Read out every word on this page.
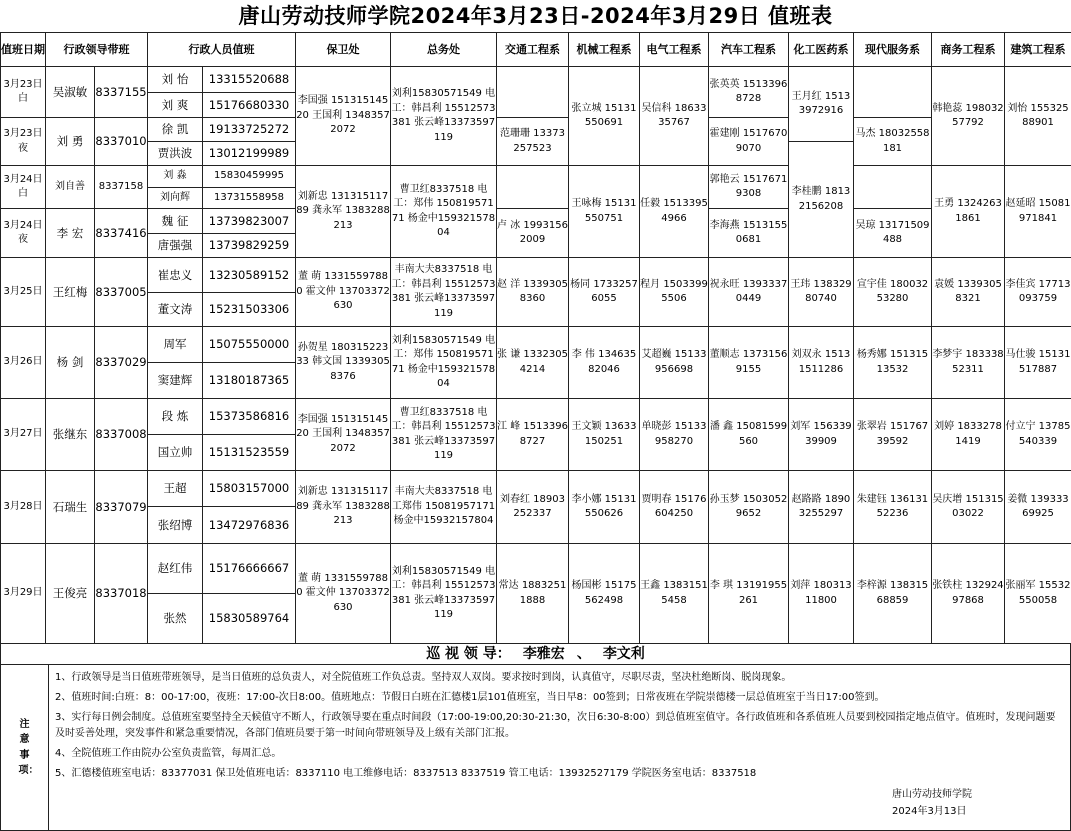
唐山劳动技师学院2024年3月23日-2024年3月29日 值班表
值班日期	行政领导带班		行政人员值班		保卫处	总务处	交通工程系	机械工程系	电气工程系	汽车工程系	化工医药系	现代服务系	商务工程系	建筑工程系
3月23日白	吴淑敏	8337155	刘 怡	13315520688	李国强 15131514520 王国利 13483572072	刘利15830571549 电工：韩昌利 15512573381 张云峰13373597119		张立城 15131550691	吴信科 1863335767	张英英 15133968728	王月红 15133972916		韩艳蕊 19803257792	刘怡 15532588901
			刘 爽	15176680330										
3月23日夜	刘 勇	8337010	徐 凯	19133725272			范珊珊 13373257523			霍建刚 15176709070		马杰 18032558181		
			贾洪波	13012199989							李桂鹏 18132156208			
3月24日白	刘自善	8337158	刘 淼	15830459995	刘新忠 13131511789 龚永军 1383288213	曹卫红8337518 电工：郑伟 15081957171 杨金中15932157804		王咏梅 15131550751	任毅 15133954966	郭艳云 15176719308			王勇 13242631861	赵延昭 15081971841
			刘向辉	13731558958										
3月24日夜	李 宏	8337416	魏 征	13739823007			卢 冰 19931562009			李海燕 15131550681		吴琼 13171509488		
			唐强强	13739829259										
3月25日	王红梅	8337005	崔忠义	13230589152	董 萌 13315597880 霍文仲 13703372630	丰南大夫8337518 电工：韩昌利 15512573381 张云峰13373597119	赵 洋 13393058360	杨同 17332576055	程月 15033995506	祝永旺 13933370449	王玮 13832980740	宣宇佳 18003253280	袁媛 13393058321	李佳宾 17713093759
			董文涛	15231503306										
3月26日	杨 剑	8337029	周军	15075550000	孙贺星 18031522333 韩文国 13393058376	刘利15830571549 电工：郑伟 15081957171 杨金中15932157804	张 谦 13323054214	李 伟 13463582046	艾超巍 15133956698	董顺志 13731569155	刘双永 15131511286	杨秀娜 15131513532	李梦宇 18333852311	马仕骏 15131517887
			窦建辉	13180187365										
3月27日	张继东	8337008	段 炼	15373586816	李国强 15131514520 王国利 13483572072	曹卫红8337518 电工：韩昌利 15512573381 张云峰13373597119	江 峰 15133968727	王文颖 13633150251	单晓彭 15133958270	潘 鑫 15081599560	刘军 15633939909	张翠岩 15176739592	刘婷 18332781419	付立宁 13785540339
			国立帅	15131523559										
3月28日	石瑞生	8337079	王超	15803157000	刘新忠 13131511789 龚永军 1383288213	丰南大夫8337518 电工郑伟 15081957171 杨金中15932157804	刘春红 18903252337	李小娜 15131550626	贾明春 15176604250	孙玉梦 15030529652	赵路路 18903255297	朱建钰 13613152236	吴庆增 15131503022	姜微 13933369925
			张绍博	13472976836										
3月29日	王俊亮	8337018	赵红伟	15176666667	董 萌 13315597880 霍文仲 13703372630	刘利15830571549 电工：韩昌利 15512573381 张云峰13373597119	常达 18832511888	杨国彬 15175562498	王鑫 13831515458	李 琪 13191955261	刘萍 18031311800	李梓源 13831568859	张铁柱 13292497868	张丽军 15532550058
			张然	15830589764										
巡 视 领 导： 李雅宏 、 李文利
注意事项：

1、行政领导是当日值班带班领导，是当日值班的总负责人，对全院值班工作负总责。坚持双人双岗。要求按时到岗，认真值守，尽职尽责，坚决杜绝断岗、脱岗现象。

2、值班时间:白班：8：00-17:00，夜班：17:00-次日8:00。值班地点：节假日白班在汇德楼1层101值班室，当日早8：00签到；日常夜班在学院崇德楼一层总值班室于当日17:00签到。

3、实行每日例会制度。总值班室要坚持全天候值守不断人，行政领导要在重点时间段（17:00-19:00,20:30-21:30，次日6:30-8:00）到总值班室值守。各行政值班和各系值班人员要到校园指定地点值守。值班时，发现问题要及时妥善处理，突发事件和紧急重要情况，各部门值班员要于第一时间向带班领导及上级有关部门汇报。

4、全院值班工作由院办公室负责监管，每周汇总。

5、汇德楼值班室电话：83377031 保卫处值班电话：8337110 电工维修电话：8337513 8337519 管工电话：13932527179 学院医务室电话：8337518

唐山劳动技师学院
2024年3月13日
